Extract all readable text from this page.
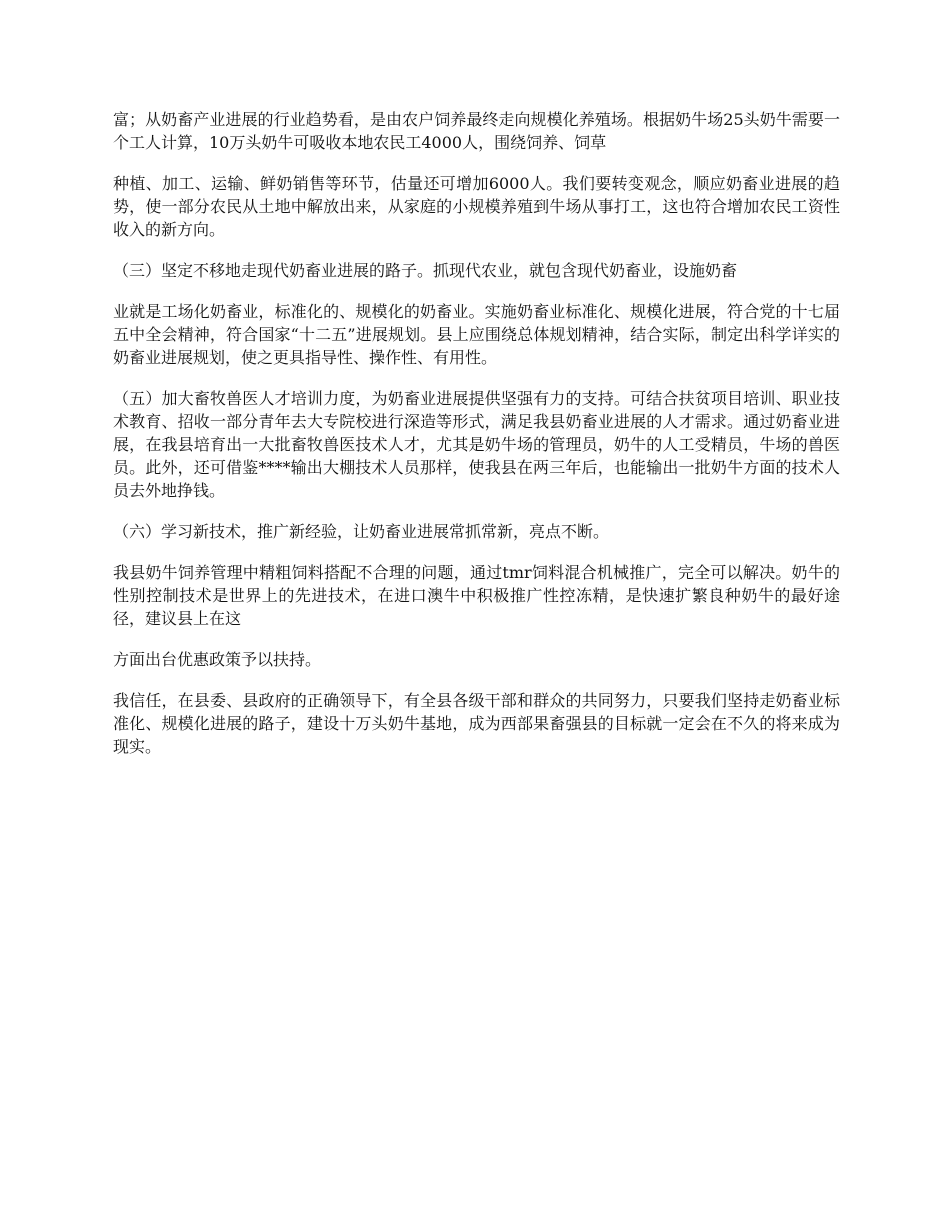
富；从奶畜产业进展的行业趋势看，是由农户饲养最终走向规模化养殖场。根据奶牛场25头奶牛需要一个工人计算，10万头奶牛可吸收本地农民工4000人，围绕饲养、饲草

种植、加工、运输、鲜奶销售等环节，估量还可增加6000人。我们要转变观念，顺应奶畜业进展的趋势，使一部分农民从土地中解放出来，从家庭的小规模养殖到牛场从事打工，这也符合增加农民工资性收入的新方向。

（三）坚定不移地走现代奶畜业进展的路子。抓现代农业，就包含现代奶畜业，设施奶畜

业就是工场化奶畜业，标准化的、规模化的奶畜业。实施奶畜业标准化、规模化进展，符合党的十七届五中全会精神，符合国家“十二五”进展规划。县上应围绕总体规划精神，结合实际，制定出科学详实的奶畜业进展规划，使之更具指导性、操作性、有用性。

（五）加大畜牧兽医人才培训力度，为奶畜业进展提供坚强有力的支持。可结合扶贫项目培训、职业技术教育、招收一部分青年去大专院校进行深造等形式，满足我县奶畜业进展的人才需求。通过奶畜业进展，在我县培育出一大批畜牧兽医技术人才，尤其是奶牛场的管理员，奶牛的人工受精员，牛场的兽医员。此外，还可借鉴****输出大棚技术人员那样，使我县在两三年后，也能输出一批奶牛方面的技术人员去外地挣钱。

（六）学习新技术，推广新经验，让奶畜业进展常抓常新，亮点不断。

我县奶牛饲养管理中精粗饲料搭配不合理的问题，通过tmr饲料混合机械推广，完全可以解决。奶牛的性别控制技术是世界上的先进技术，在进口澳牛中积极推广性控冻精，是快速扩繁良种奶牛的最好途径，建议县上在这

方面出台优惠政策予以扶持。

我信任，在县委、县政府的正确领导下，有全县各级干部和群众的共同努力，只要我们坚持走奶畜业标准化、规模化进展的路子，建设十万头奶牛基地，成为西部果畜强县的目标就一定会在不久的将来成为现实。
